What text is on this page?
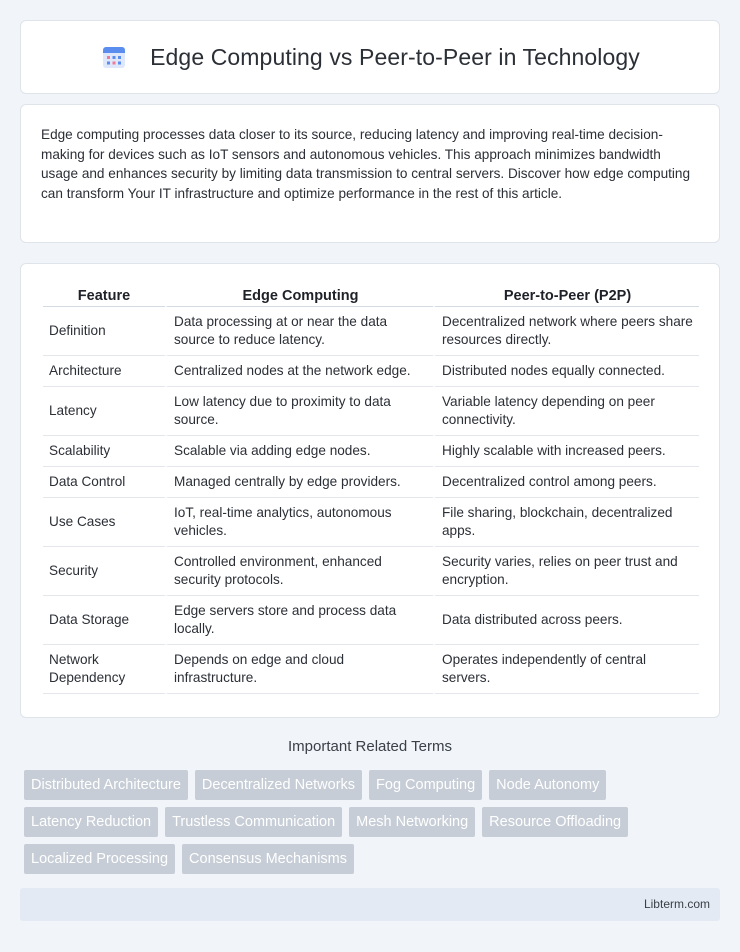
Edge Computing vs Peer-to-Peer in Technology

Edge computing processes data closer to its source, reducing latency and improving real-time decision-making for devices such as IoT sensors and autonomous vehicles. This approach minimizes bandwidth usage and enhances security by limiting data transmission to central servers. Discover how edge computing can transform Your IT infrastructure and optimize performance in the rest of this article.

Feature	Edge Computing	Peer-to-Peer (P2P)
Definition	Data processing at or near the data source to reduce latency.	Decentralized network where peers share resources directly.
Architecture	Centralized nodes at the network edge.	Distributed nodes equally connected.
Latency	Low latency due to proximity to data source.	Variable latency depending on peer connectivity.
Scalability	Scalable via adding edge nodes.	Highly scalable with increased peers.
Data Control	Managed centrally by edge providers.	Decentralized control among peers.
Use Cases	IoT, real-time analytics, autonomous vehicles.	File sharing, blockchain, decentralized apps.
Security	Controlled environment, enhanced security protocols.	Security varies, relies on peer trust and encryption.
Data Storage	Edge servers store and process data locally.	Data distributed across peers.
Network Dependency	Depends on edge and cloud infrastructure.	Operates independently of central servers.
Important Related Terms
Distributed Architecture	Decentralized Networks	Fog Computing	Node Autonomy
Latency Reduction	Trustless Communication	Mesh Networking	Resource Offloading
Localized Processing	Consensus Mechanisms
Libterm.com
